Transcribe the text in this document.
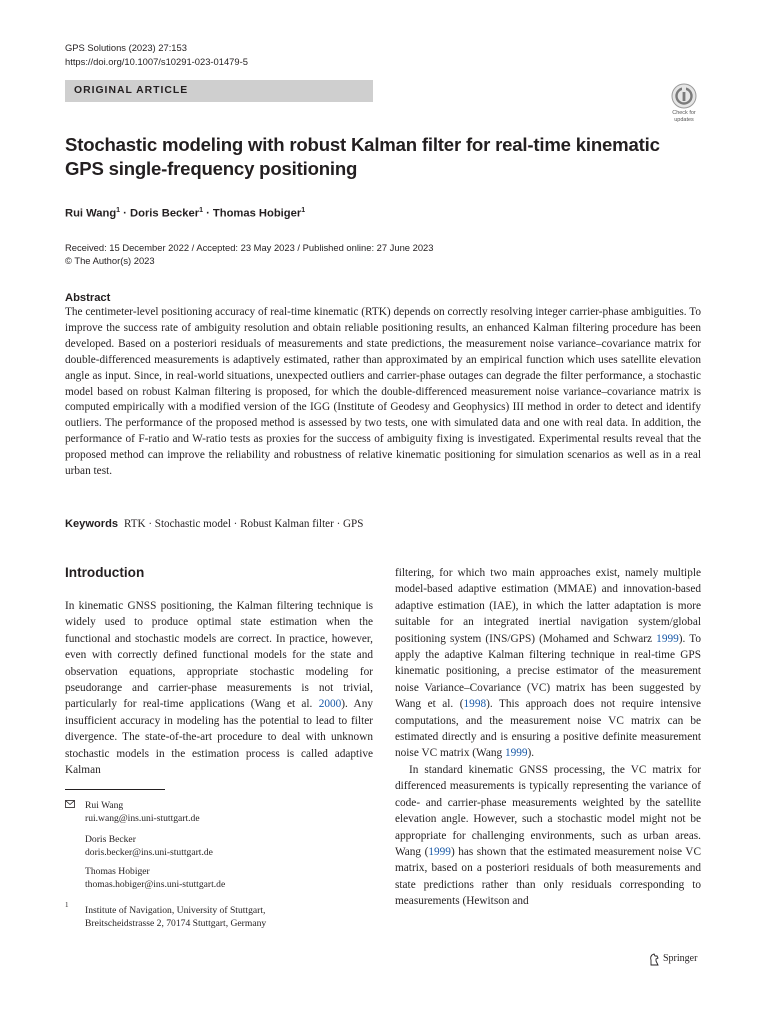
GPS Solutions (2023) 27:153
https://doi.org/10.1007/s10291-023-01479-5
ORIGINAL ARTICLE
Check for
updates
Stochastic modeling with robust Kalman filter for real-time kinematic
GPS single-frequency positioning
Rui Wang$^1$ · Doris Becker$^1$ · Thomas Hobiger$^1$
Received: 15 December 2022 / Accepted: 23 May 2023 / Published online: 27 June 2023
© The Author(s) 2023
Abstract

The centimeter-level positioning accuracy of real-time kinematic (RTK) depends on correctly resolving integer carrier-phase ambiguities. To improve the success rate of ambiguity resolution and obtain reliable positioning results, an enhanced Kalman filtering procedure has been developed. Based on a posteriori residuals of measurements and state predictions, the measurement noise variance–covariance matrix for double-differenced measurements is adaptively estimated, rather than approximated by an empirical function which uses satellite elevation angle as input. Since, in real-world situations, unexpected outliers and carrier-phase outages can degrade the filter performance, a stochastic model based on robust Kalman filtering is proposed, for which the double-differenced measurement noise variance–covariance matrix is computed empirically with a modified version of the IGG (Institute of Geodesy and Geophysics) III method in order to detect and identify outliers. The performance of the proposed method is assessed by two tests, one with simulated data and one with real data. In addition, the performance of F-ratio and W-ratio tests as proxies for the success of ambiguity fixing is investigated. Experimental results reveal that the proposed method can improve the reliability and robustness of relative kinematic positioning for simulation scenarios as well as in a real urban test.

Keywords RTK · Stochastic model · Robust Kalman filter · GPS
Introduction

In kinematic GNSS positioning, the Kalman filtering technique is widely used to produce optimal state estimation when the functional and stochastic models are correct. In practice, however, even with correctly defined functional models for the state and observation equations, appropriate stochastic modeling for pseudorange and carrier-phase measurements is not trivial, particularly for real-time applications (Wang et al. 2000). Any insufficient accuracy in modeling has the potential to lead to filter divergence. The state-of-the-art procedure to deal with unknown stochastic models in the estimation process is called adaptive Kalman

filtering, for which two main approaches exist, namely multiple model-based adaptive estimation (MMAE) and innovation-based adaptive estimation (IAE), in which the latter adaptation is more suitable for an integrated inertial navigation system/global positioning system (INS/GPS) (Mohamed and Schwarz 1999). To apply the adaptive Kalman filtering technique in real-time GPS kinematic positioning, a precise estimator of the measurement noise Variance–Covariance (VC) matrix has been suggested by Wang et al. (1998). This approach does not require intensive computations, and the measurement noise VC matrix can be estimated directly and is ensuring a positive definite measurement noise VC matrix (Wang 1999).

In standard kinematic GNSS processing, the VC matrix for differenced measurements is typically representing the variance of code- and carrier-phase measurements weighted by the satellite elevation angle. However, such a stochastic model might not be appropriate for challenging environments, such as urban areas. Wang (1999) has shown that the estimated measurement noise VC matrix, based on a posteriori residuals of both measurements and state predictions rather than only residuals corresponding to measurements (Hewitson and

Rui Wang
rui.wang@ins.uni-stuttgart.de
Doris Becker
doris.becker@ins.uni-stuttgart.de
Thomas Hobiger
thomas.hobiger@ins.uni-stuttgart.de
1 Institute of Navigation, University of Stuttgart,
Breitscheidstrasse 2, 70174 Stuttgart, Germany
Springer
